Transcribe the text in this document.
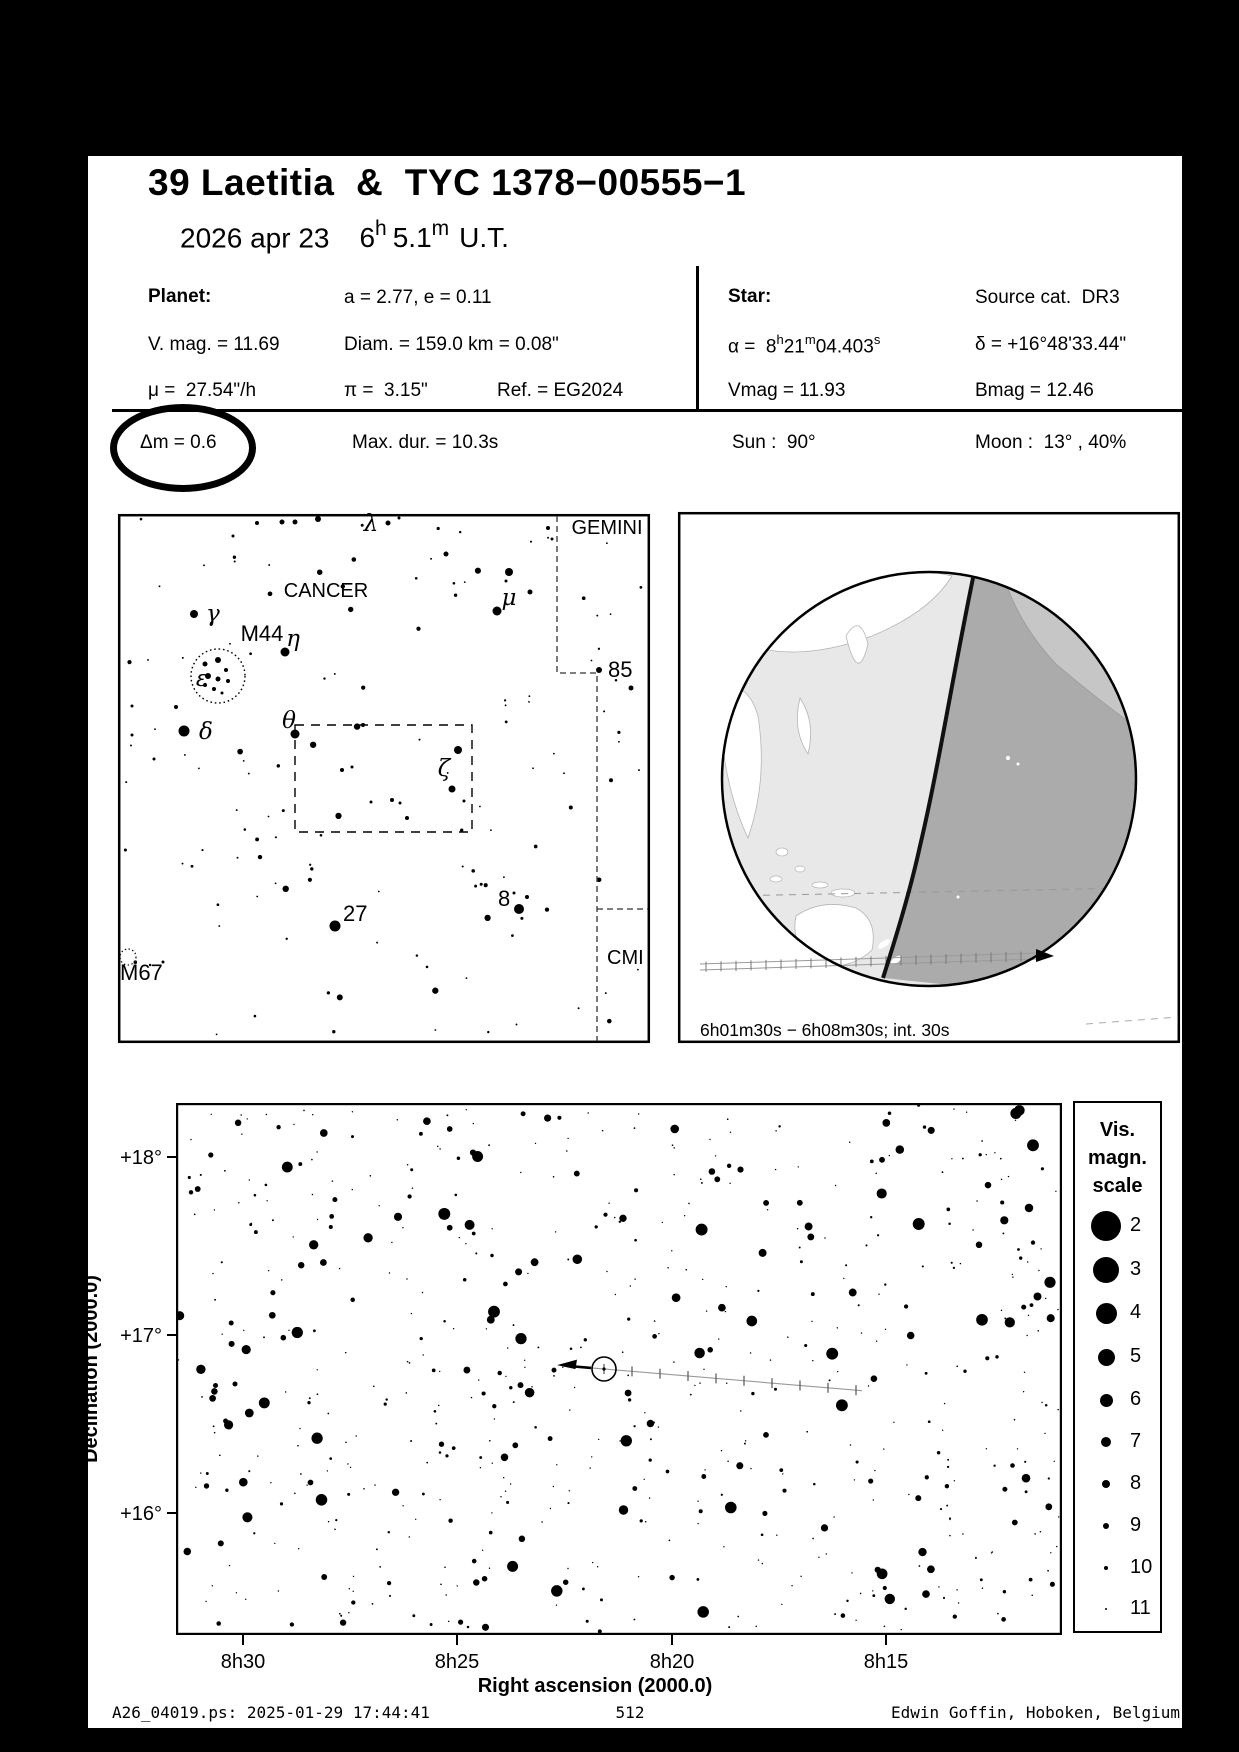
39 Laetitia  &  TYC 1378−00555−1
2026 apr 23 6$^h$ 5.1$^m$ U.T.
Planet:	a = 2.77, e = 0.11
V. mag. = 11.69	Diam. = 159.0 km = 0.08"
μ =  27.54"/h	π =  3.15"	Ref. = EG2024
Star:	Source cat.  DR3
α =  8$^h$21$^m$04.403$^s$	δ = +16°48'33.44"
Vmag = 11.93	Bmag = 12.46
Δm = 0.6	Max. dur. = 10.3s	Sun :  90°	Moon :  13° , 40%
CANCER
GEMINI
CMI
M44
M67
85
27
8
λ
γ
η
ε
δ	θ
ζ
μ
6h01m30s − 6h08m30s; int. 30s
+18°
+17°
+16°
8h30	8h25	8h20	8h15
Right ascension (2000.0)
Declination (2000.0)
Vis.
magn.
scale
2
3
4
5
6
7
8
9
10
11
A26_04019.ps: 2025-01-29 17:44:41	512	Edwin Goffin, Hoboken, Belgium
